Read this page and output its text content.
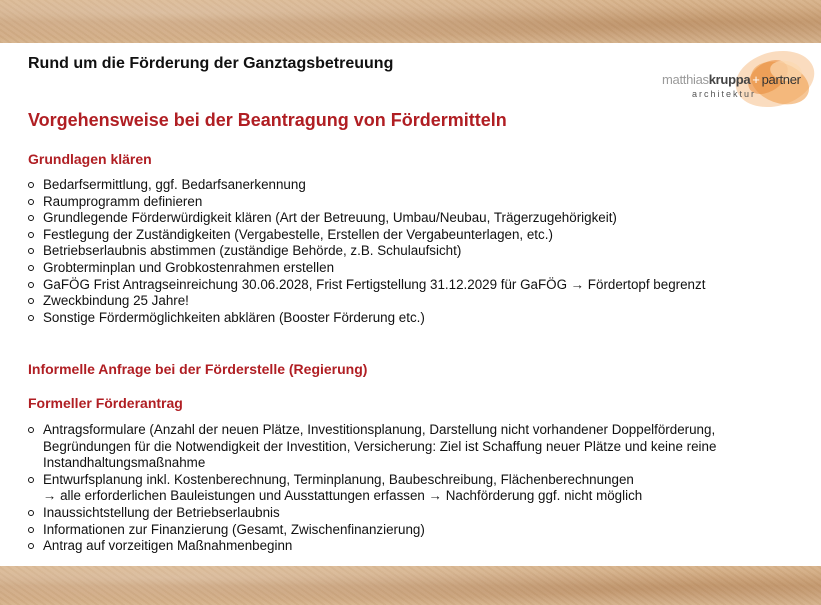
Rund um die Förderung der Ganztagsbetreuung
matthiaskruppa + partner
architektur
Vorgehensweise bei der Beantragung von Fördermitteln
Grundlagen klären
Bedarfsermittlung, ggf. Bedarfsanerkennung
Raumprogramm definieren
Grundlegende Förderwürdigkeit klären (Art der Betreuung, Umbau/Neubau, Trägerzugehörigkeit)
Festlegung der Zuständigkeiten (Vergabestelle, Erstellen der Vergabeunterlagen, etc.)
Betriebserlaubnis abstimmen (zuständige Behörde, z.B. Schulaufsicht)
Grobterminplan und Grobkostenrahmen erstellen
GaFÖG Frist Antragseinreichung 30.06.2028, Frist Fertigstellung 31.12.2029 für GaFÖG → Fördertopf begrenzt
Zweckbindung 25 Jahre!
Sonstige Fördermöglichkeiten abklären (Booster Förderung etc.)
Informelle Anfrage bei der Förderstelle (Regierung)
Formeller Förderantrag
Antragsformulare (Anzahl der neuen Plätze, Investitionsplanung, Darstellung nicht vorhandener Doppelförderung, Begründungen für die Notwendigkeit der Investition, Versicherung: Ziel ist Schaffung neuer Plätze und keine reine Instandhaltungsmaßnahme
Entwurfsplanung inkl. Kostenberechnung, Terminplanung, Baubeschreibung, Flächenberechnungen
→ alle erforderlichen Bauleistungen und Ausstattungen erfassen → Nachförderung ggf. nicht möglich
Inaussichtstellung der Betriebserlaubnis
Informationen zur Finanzierung (Gesamt, Zwischenfinanzierung)
Antrag auf vorzeitigen Maßnahmenbeginn
